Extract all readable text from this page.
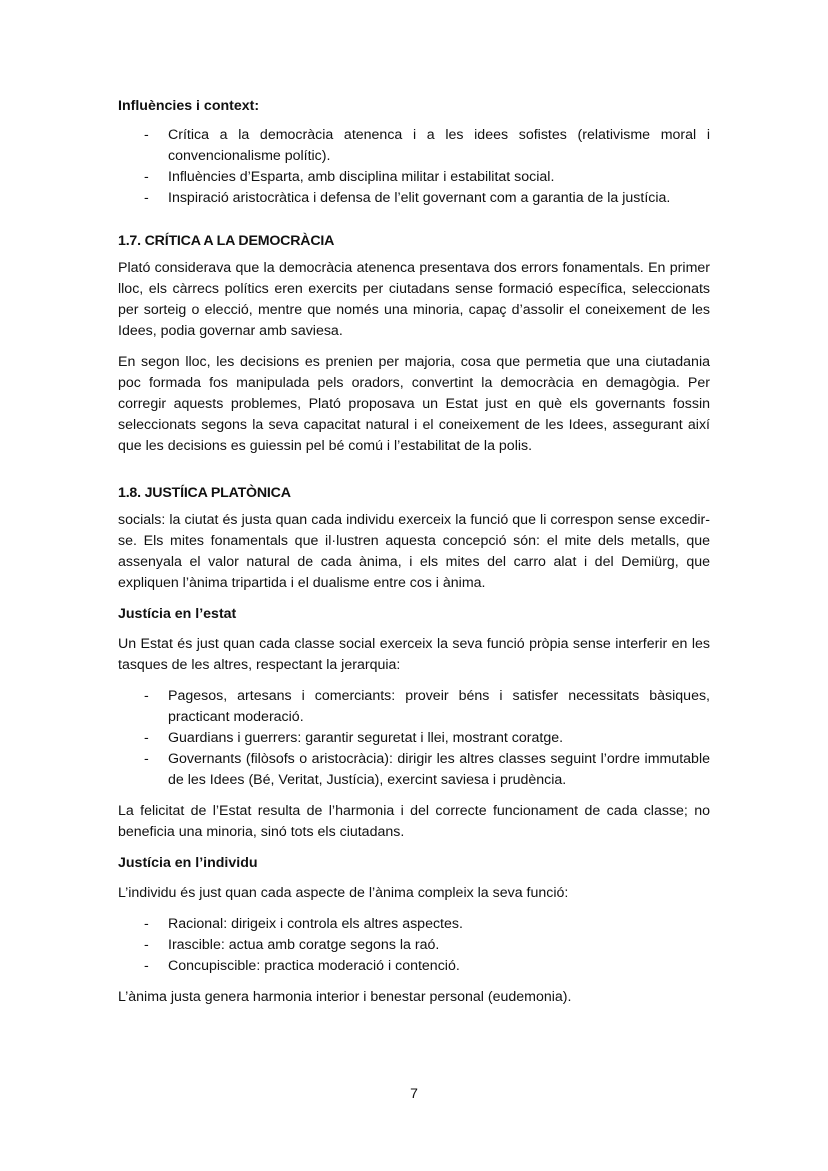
Influències i context:

- Crítica a la democràcia atenenca i a les idees sofistes (relativisme moral i convencionalisme polític).
- Influències d’Esparta, amb disciplina militar i estabilitat social.
- Inspiració aristocràtica i defensa de l’elit governant com a garantia de la justícia.

1.7. CRÍTICA A LA DEMOCRÀCIA

Plató considerava que la democràcia atenenca presentava dos errors fonamentals. En primer lloc, els càrrecs polítics eren exercits per ciutadans sense formació específica, seleccionats per sorteig o elecció, mentre que només una minoria, capaç d’assolir el coneixement de les Idees, podia governar amb saviesa.

En segon lloc, les decisions es prenien per majoria, cosa que permetia que una ciutadania poc formada fos manipulada pels oradors, convertint la democràcia en demagògia. Per corregir aquests problemes, Plató proposava un Estat just en què els governants fossin seleccionats segons la seva capacitat natural i el coneixement de les Idees, assegurant així que les decisions es guiessin pel bé comú i l’estabilitat de la polis.

1.8. JUSTÍICA PLATÒNICA

socials: la ciutat és justa quan cada individu exerceix la funció que li correspon sense excedir-se. Els mites fonamentals que il·lustren aquesta concepció són: el mite dels metalls, que assenyala el valor natural de cada ànima, i els mites del carro alat i del Demiürg, que expliquen l’ànima tripartida i el dualisme entre cos i ànima.

Justícia en l’estat

Un Estat és just quan cada classe social exerceix la seva funció pròpia sense interferir en les tasques de les altres, respectant la jerarquia:

- Pagesos, artesans i comerciants: proveir béns i satisfer necessitats bàsiques, practicant moderació.
- Guardians i guerrers: garantir seguretat i llei, mostrant coratge.
- Governants (filòsofs o aristocràcia): dirigir les altres classes seguint l’ordre immutable de les Idees (Bé, Veritat, Justícia), exercint saviesa i prudència.

La felicitat de l’Estat resulta de l’harmonia i del correcte funcionament de cada classe; no beneficia una minoria, sinó tots els ciutadans.

Justícia en l’individu

L’individu és just quan cada aspecte de l’ànima compleix la seva funció:

- Racional: dirigeix i controla els altres aspectes.
- Irascible: actua amb coratge segons la raó.
- Concupiscible: practica moderació i contenció.

L’ànima justa genera harmonia interior i benestar personal (eudemonia).

7
